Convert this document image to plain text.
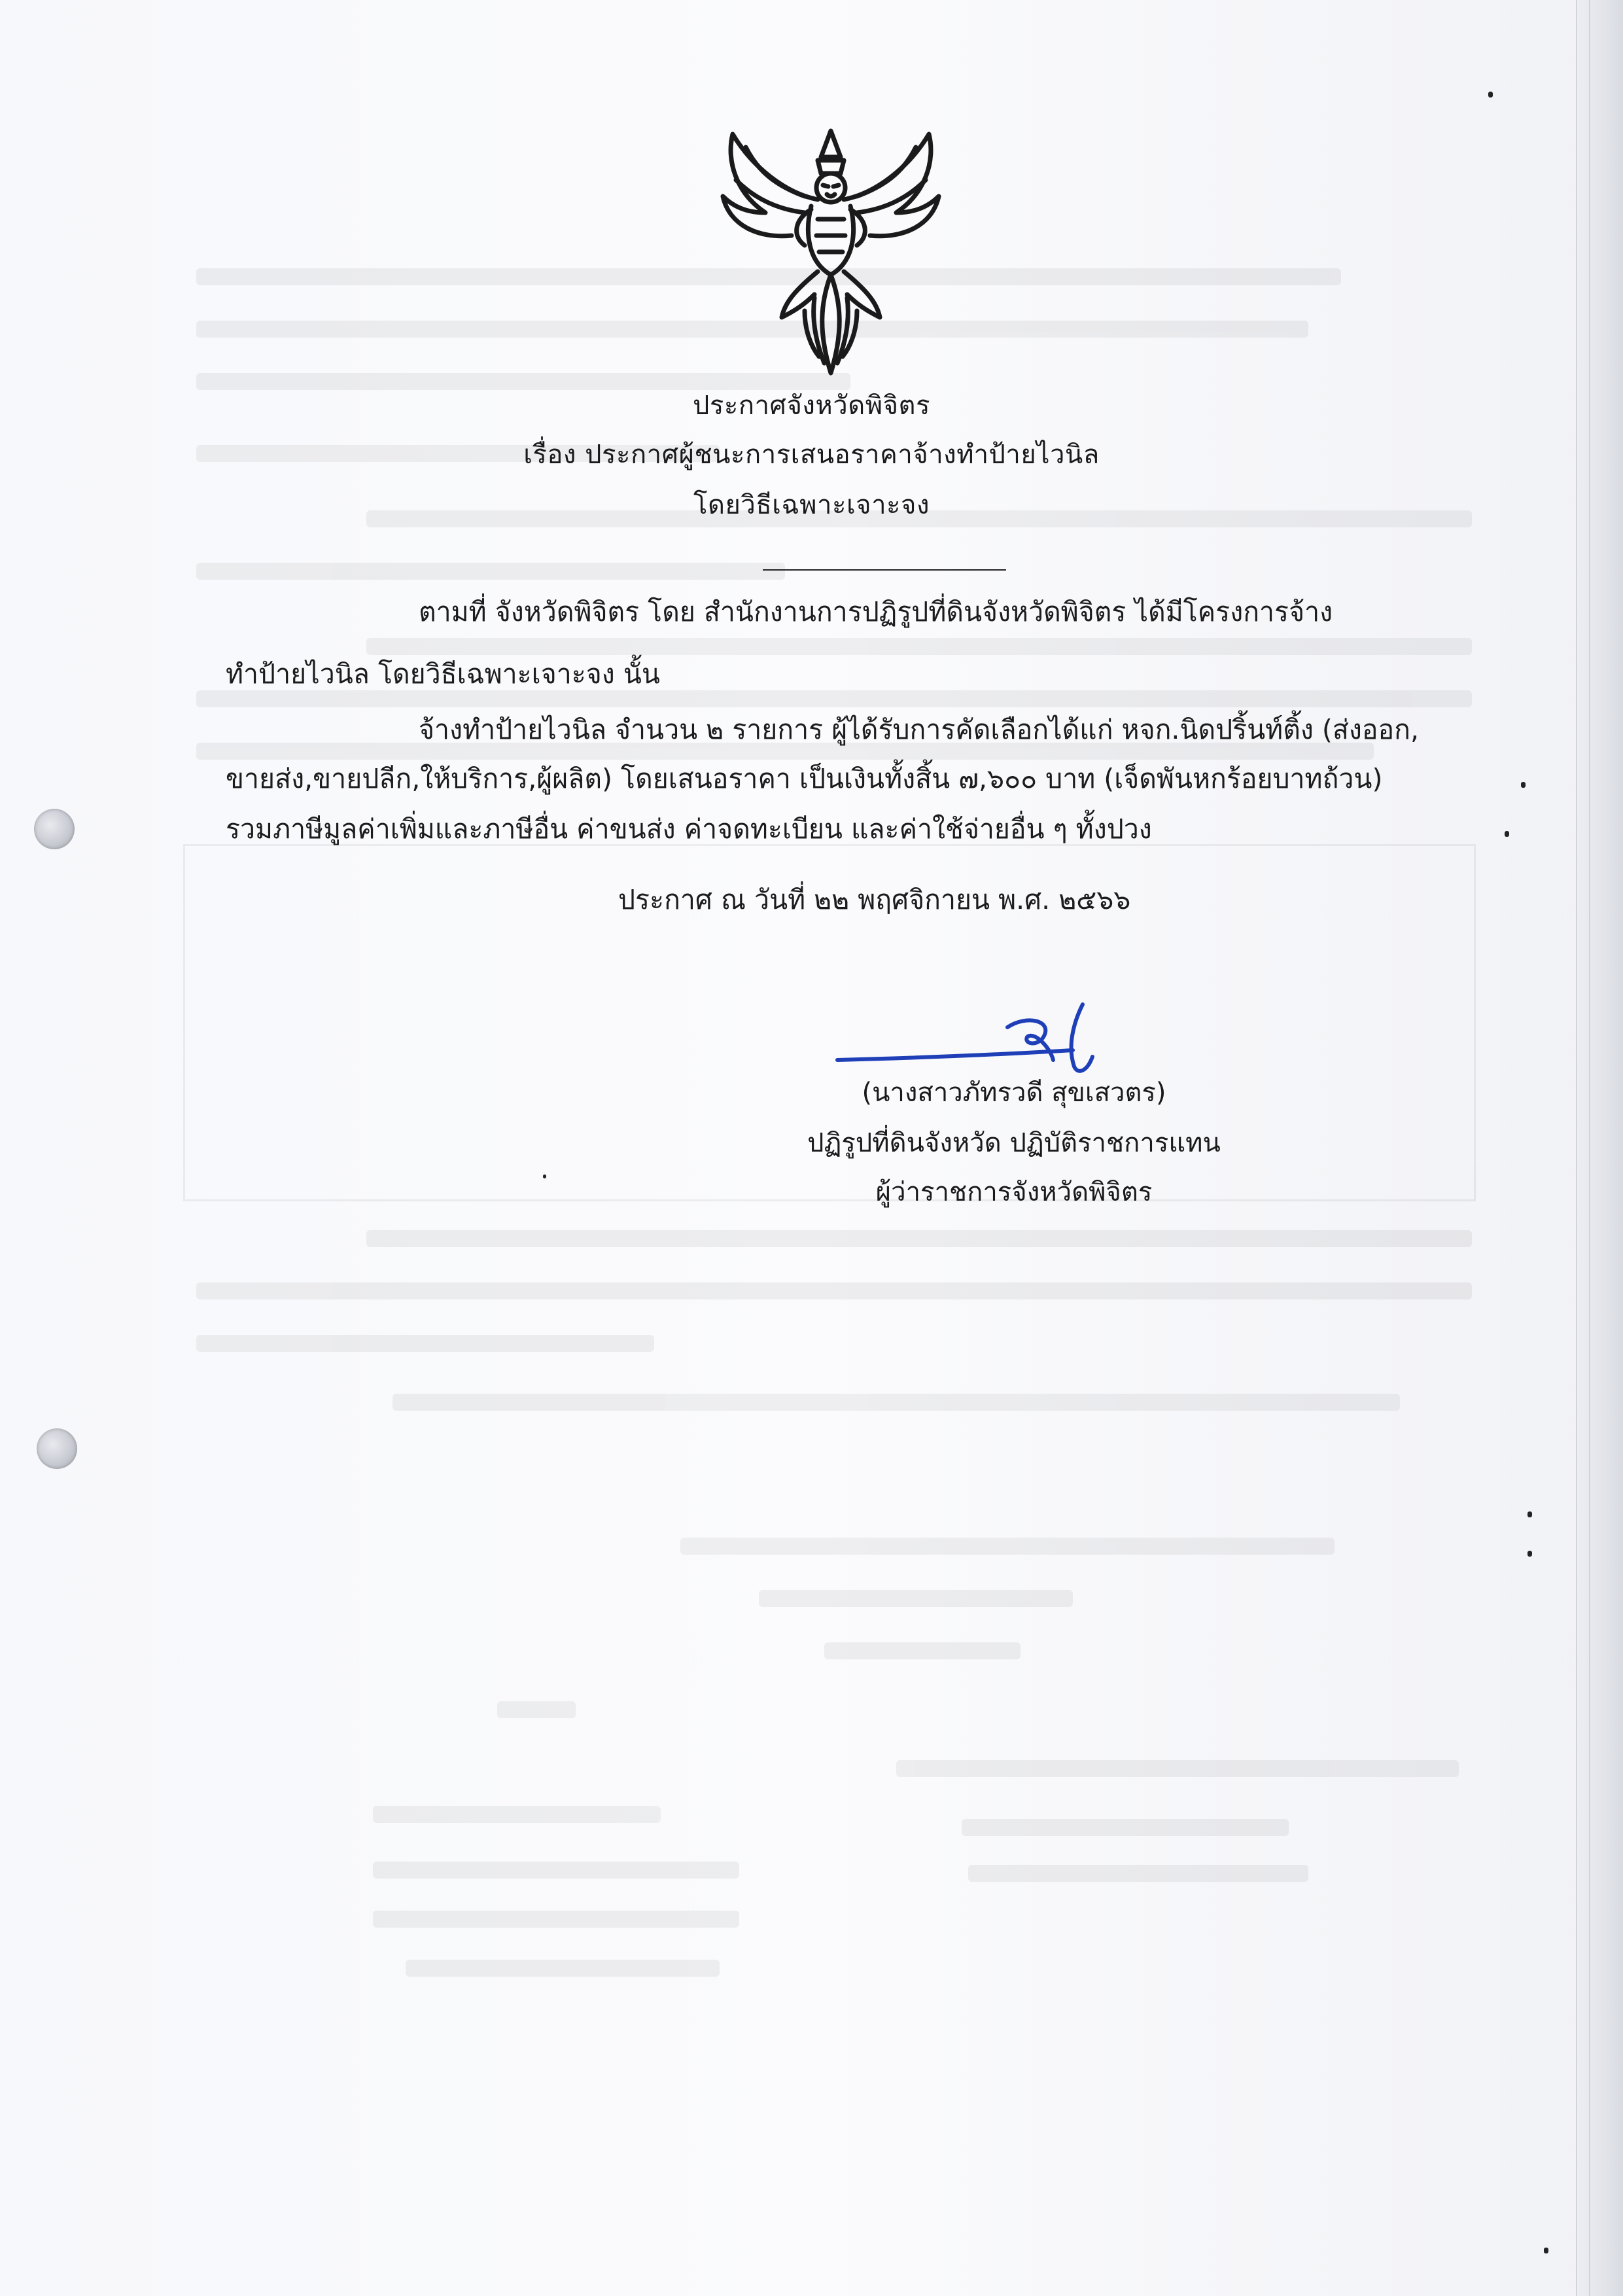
ประกาศจังหวัดพิจิตร
เรื่อง ประกาศผู้ชนะการเสนอราคาจ้างทำป้ายไวนิล
โดยวิธีเฉพาะเจาะจง
ตามที่ จังหวัดพิจิตร โดย สำนักงานการปฏิรูปที่ดินจังหวัดพิจิตร ได้มีโครงการจ้าง
ทำป้ายไวนิล โดยวิธีเฉพาะเจาะจง นั้น
จ้างทำป้ายไวนิล จำนวน ๒ รายการ ผู้ได้รับการคัดเลือกได้แก่ หจก.นิดปริ้นท์ติ้ง (ส่งออก,
ขายส่ง,ขายปลีก,ให้บริการ,ผู้ผลิต) โดยเสนอราคา เป็นเงินทั้งสิ้น ๗,๖๐๐ บาท (เจ็ดพันหกร้อยบาทถ้วน)
รวมภาษีมูลค่าเพิ่มและภาษีอื่น ค่าขนส่ง ค่าจดทะเบียน และค่าใช้จ่ายอื่น ๆ ทั้งปวง
ประกาศ ณ วันที่ ๒๒ พฤศจิกายน พ.ศ. ๒๕๖๖
(นางสาวภัทรวดี สุขเสวตร)
ปฏิรูปที่ดินจังหวัด ปฏิบัติราชการแทน
ผู้ว่าราชการจังหวัดพิจิตร
